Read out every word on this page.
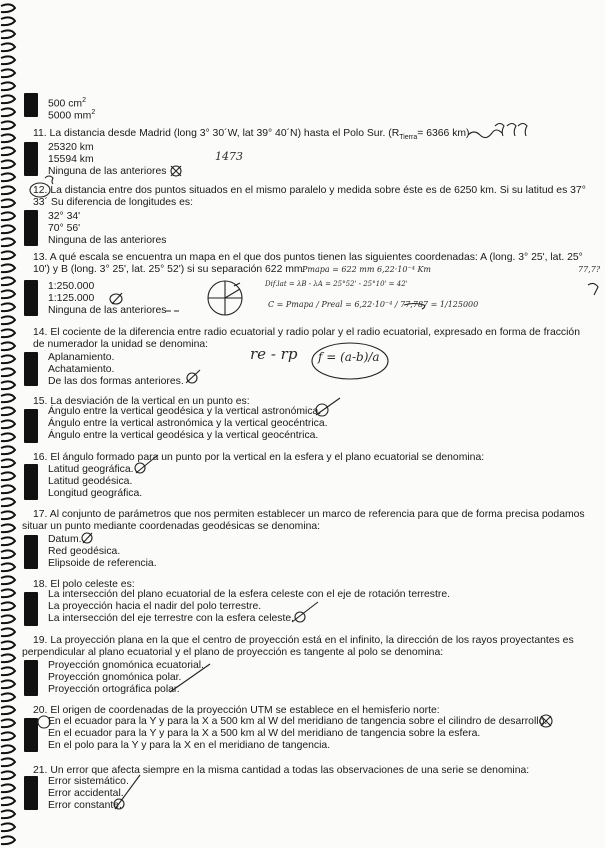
500 $cm^2$
5000 $mm^2$
11. La distancia desde Madrid (long 3° 30´W, lat 39° 40´N) hasta el Polo Sur. ($R_{Tierra}= 6366$ km)
25320 km
15594 km
Ninguna de las anteriores
1473
12. La distancia entre dos puntos situados en el mismo paralelo y medida sobre éste es de 6250 km. Si su latitud es 37°
33´ Su diferencia de longitudes es:
32° 34'
70° 56'
Ninguna de las anteriores
13. A qué escala se encuentra un mapa en el que dos puntos tienen las siguientes coordenadas: A (long. 3° 25', lat. 25°
10') y B (long. 3° 25', lat. 25° 52') si su separación 622 mm:
1:250.000
1:125.000
Ninguna de las anteriores
Pmapa = 622 mm 6,22·10⁻⁴ Km
Dif.lat = λB - λA = 25°52' - 25°10' = 42'
C = Pmapa / Preal = 6,22·10⁻⁴ / 77,787 = 1/125000
77,7?
14. El cociente de la diferencia entre radio ecuatorial y radio polar y el radio ecuatorial, expresado en forma de fracción
de numerador la unidad se denomina:
Aplanamiento.
Achatamiento.
De las dos formas anteriores.
re - rp f = (a-b)/a
15. La desviación de la vertical en un punto es:
Ángulo entre la vertical geodésica y la vertical astronómica.
Ángulo entre la vertical astronómica y la vertical geocéntrica.
Ángulo entre la vertical geodésica y la vertical geocéntrica.
16. El ángulo formado para un punto por la vertical en la esfera y el plano ecuatorial se denomina:
Latitud geográfica.
Latitud geodésica.
Longitud geográfica.
17. Al conjunto de parámetros que nos permiten establecer un marco de referencia para que de forma precisa podamos
situar un punto mediante coordenadas geodésicas se denomina:
Datum.
Red geodésica.
Elipsoide de referencia.
18. El polo celeste es:
La intersección del plano ecuatorial de la esfera celeste con el eje de rotación terrestre.
La proyección hacia el nadir del polo terrestre.
La intersección del eje terrestre con la esfera celeste.
19. La proyección plana en la que el centro de proyección está en el infinito, la dirección de los rayos proyectantes es
perpendicular al plano ecuatorial y el plano de proyección es tangente al polo se denomina:
Proyección gnomónica ecuatorial.
Proyección gnomónica polar.
Proyección ortográfica polar.
20. El origen de coordenadas de la proyección UTM se establece en el hemisferio norte:
En el ecuador para la Y y para la X a 500 km al W del meridiano de tangencia sobre el cilindro de desarrollo.
En el ecuador para la Y y para la X a 500 km al W del meridiano de tangencia sobre la esfera.
En el polo para la Y y para la X en el meridiano de tangencia.
21. Un error que afecta siempre en la misma cantidad a todas las observaciones de una serie se denomina:
Error sistemático.
Error accidental.
Error constante.
